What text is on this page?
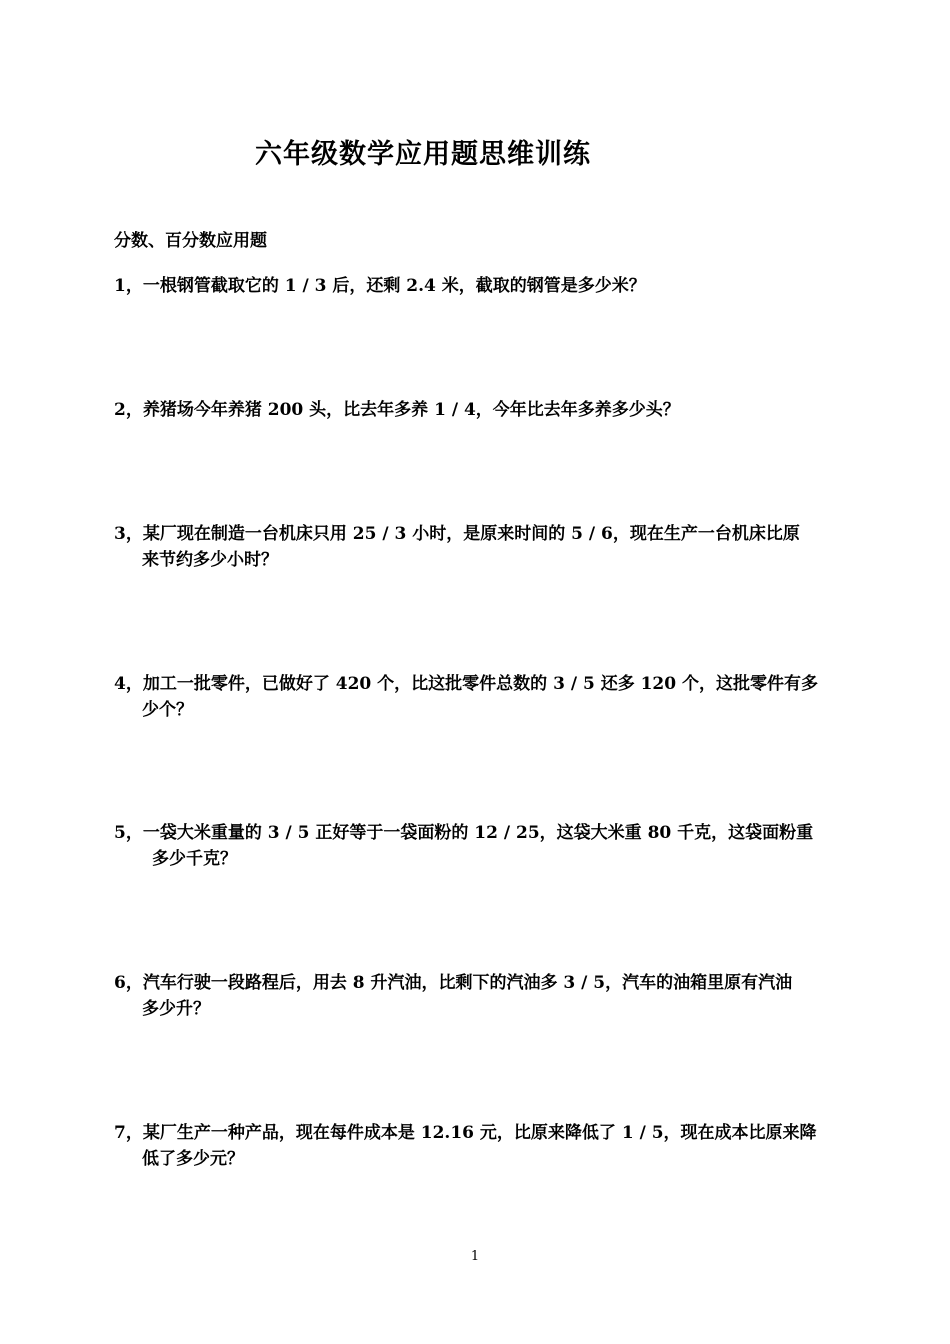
六年级数学应用题思维训练
分数、百分数应用题
1，一根钢管截取它的 1 / 3 后，还剩 2.4 米，截取的钢管是多少米？
2，养猪场今年养猪 200 头，比去年多养 1 / 4，今年比去年多养多少头？
3，某厂现在制造一台机床只用 25 / 3 小时，是原来时间的 5 / 6，现在生产一台机床比原
来节约多少小时？
4，加工一批零件，已做好了 420 个，比这批零件总数的 3 / 5 还多 120 个，这批零件有多
少个？
5，一袋大米重量的 3 / 5 正好等于一袋面粉的 12 / 25，这袋大米重 80 千克，这袋面粉重
多少千克？
6，汽车行驶一段路程后，用去 8 升汽油，比剩下的汽油多 3 / 5，汽车的油箱里原有汽油
多少升？
7，某厂生产一种产品，现在每件成本是 12.16 元，比原来降低了 1 / 5，现在成本比原来降
低了多少元？
1
